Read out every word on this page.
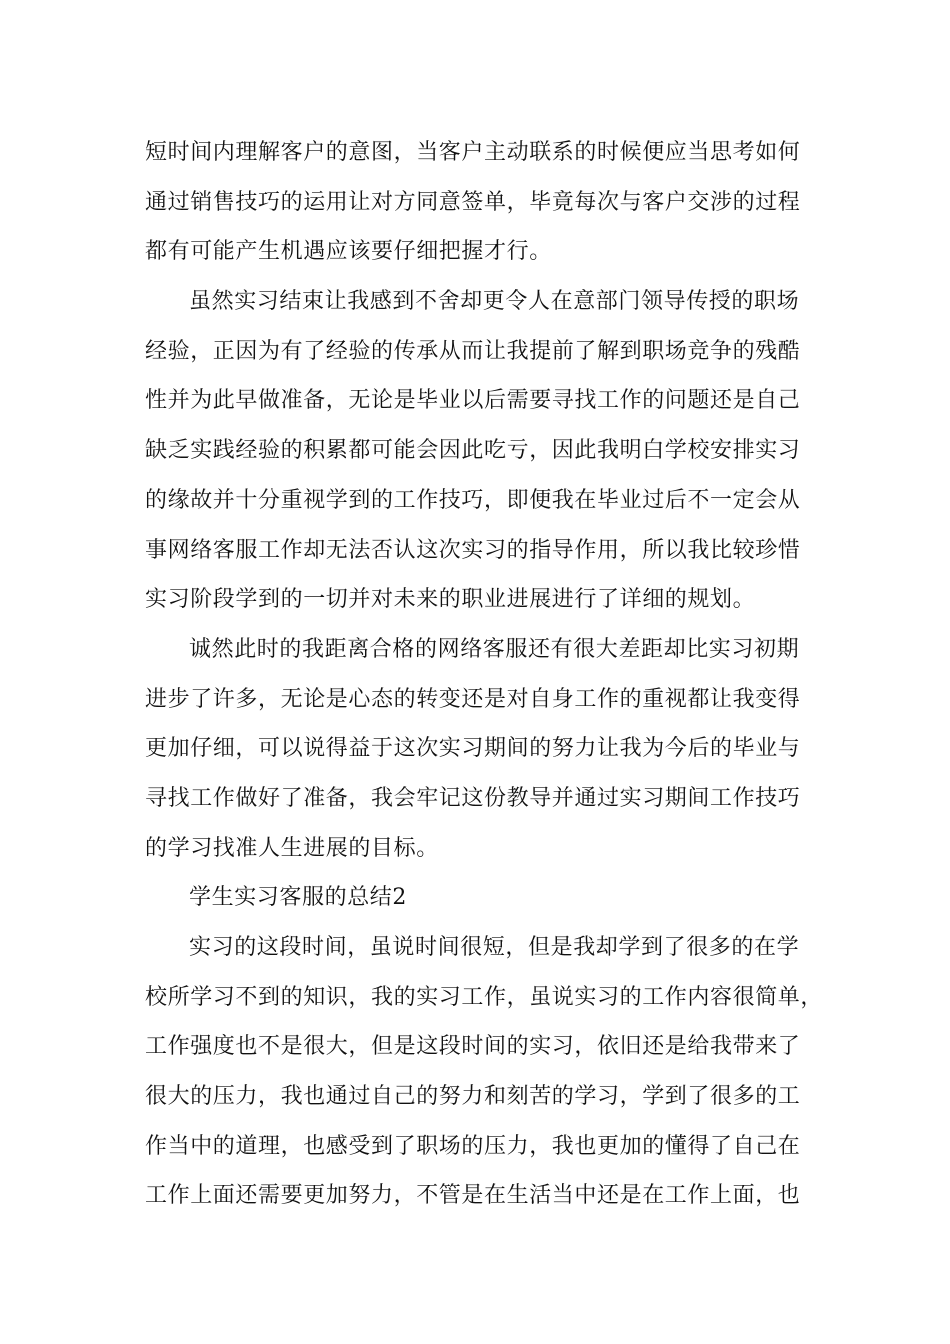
短时间内理解客户的意图，当客户主动联系的时候便应当思考如何
通过销售技巧的运用让对方同意签单，毕竟每次与客户交涉的过程
都有可能产生机遇应该要仔细把握才行。
虽然实习结束让我感到不舍却更令人在意部门领导传授的职场
经验，正因为有了经验的传承从而让我提前了解到职场竞争的残酷
性并为此早做准备，无论是毕业以后需要寻找工作的问题还是自己
缺乏实践经验的积累都可能会因此吃亏，因此我明白学校安排实习
的缘故并十分重视学到的工作技巧，即便我在毕业过后不一定会从
事网络客服工作却无法否认这次实习的指导作用，所以我比较珍惜
实习阶段学到的一切并对未来的职业进展进行了详细的规划。
诚然此时的我距离合格的网络客服还有很大差距却比实习初期
进步了许多，无论是心态的转变还是对自身工作的重视都让我变得
更加仔细，可以说得益于这次实习期间的努力让我为今后的毕业与
寻找工作做好了准备，我会牢记这份教导并通过实习期间工作技巧
的学习找准人生进展的目标。
学生实习客服的总结2
实习的这段时间，虽说时间很短，但是我却学到了很多的在学
校所学习不到的知识，我的实习工作，虽说实习的工作内容很简单，
工作强度也不是很大，但是这段时间的实习，依旧还是给我带来了
很大的压力，我也通过自己的努力和刻苦的学习，学到了很多的工
作当中的道理，也感受到了职场的压力，我也更加的懂得了自己在
工作上面还需要更加努力，不管是在生活当中还是在工作上面，也
